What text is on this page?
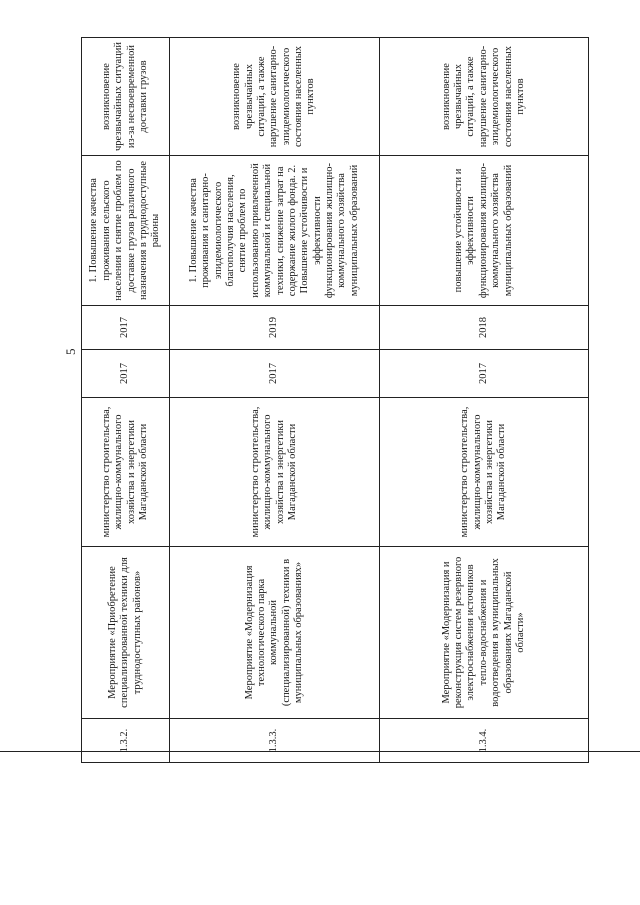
5
1.3.2.	Мероприятие «Приобретение специализированной техники для труднодоступных районов»	министерство строительства, жилищно-коммунального хозяйства и энергетики Магаданской области	2017	2017	1. Повышение качества проживания сельского населения и снятие проблем по доставке грузов различного назначения в труднодоступные районы	возникновение чрезвычайных ситуаций из-за несвоевременной доставки грузов
1.3.3.	Мероприятие «Модернизация технологического парка коммунальной (специализированной) техники в муниципальных образованиях»	министерство строительства, жилищно-коммунального хозяйства и энергетики Магаданской области	2017	2019	1. Повышение качества проживания и санитарно-эпидемиологического благополучия населения, снятие проблем по использованию привлеченной коммунальной и специальной техники, снижение затрат на содержание жилого фонда. 2. Повышение устойчивости и эффективности функционирования жилищно-коммунального хозяйства муниципальных образований	возникновение чрезвычайных ситуаций, а также нарушение санитарно-эпидемиологического состояния населенных пунктов
1.3.4.	Мероприятие «Модернизация и реконструкция систем резервного электроснабжения источников тепло-водоснабжения и водоотведения в муниципальных образованиях Магаданской области»	министерство строительства, жилищно-коммунального хозяйства и энергетики Магаданской области	2017	2018	повышение устойчивости и эффективности функционирования жилищно-коммунального хозяйства муниципальных образований	возникновение чрезвычайных ситуаций, а также нарушение санитарно-эпидемиологического состояния населенных пунктов
